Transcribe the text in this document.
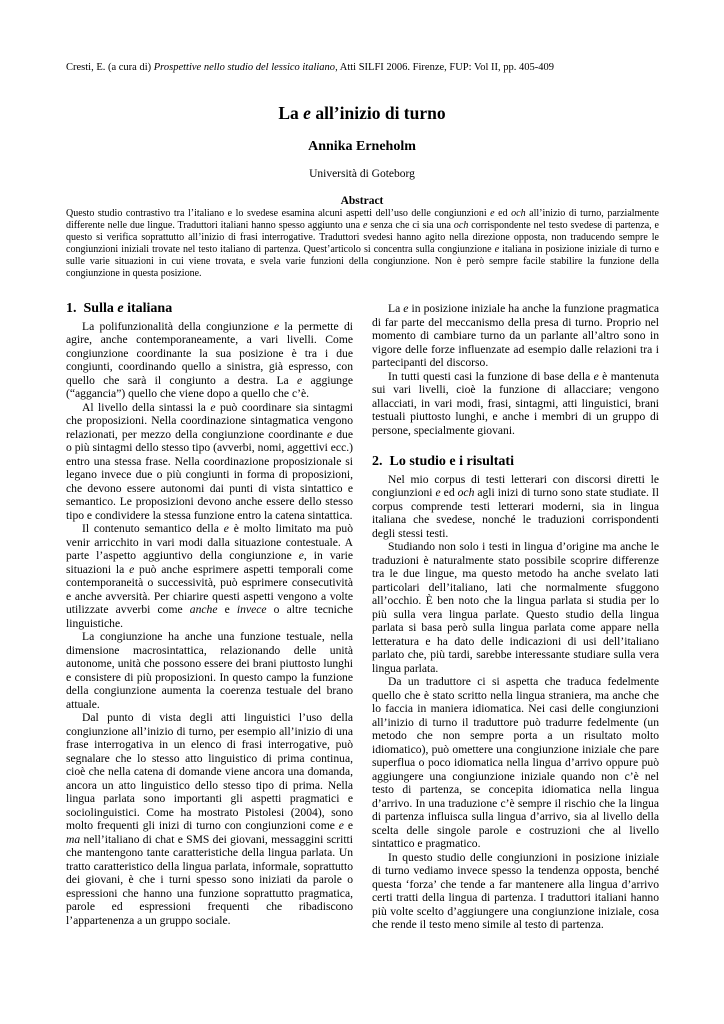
Cresti, E. (a cura di) Prospettive nello studio del lessico italiano, Atti SILFI 2006. Firenze, FUP: Vol II, pp. 405-409
La e all’inizio di turno
Annika Erneholm
Università di Goteborg
Abstract
Questo studio contrastivo tra l’italiano e lo svedese esamina alcuni aspetti dell’uso delle congiunzioni e ed och all’inizio di turno, parzialmente differente nelle due lingue. Traduttori italiani hanno spesso aggiunto una e senza che ci sia una och corrispondente nel testo svedese di partenza, e questo si verifica soprattutto all’inizio di frasi interrogative. Traduttori svedesi hanno agito nella direzione opposta, non traducendo sempre le congiunzioni iniziali trovate nel testo italiano di partenza. Quest’articolo si concentra sulla congiunzione e italiana in posizione iniziale di turno e sulle varie situazioni in cui viene trovata, e svela varie funzioni della congiunzione. Non è però sempre facile stabilire la funzione della congiunzione in questa posizione.
1. Sulla e italiana

La polifunzionalità della congiunzione e la permette di agire, anche contemporaneamente, a vari livelli. Come congiunzione coordinante la sua posizione è tra i due congiunti, coordinando quello a sinistra, già espresso, con quello che sarà il congiunto a destra. La e aggiunge (“aggancia”) quello che viene dopo a quello che c’è.

Al livello della sintassi la e può coordinare sia sintagmi che proposizioni. Nella coordinazione sintagmatica vengono relazionati, per mezzo della congiunzione coordinante e due o più sintagmi dello stesso tipo (avverbi, nomi, aggettivi ecc.) entro una stessa frase. Nella coordinazione proposizionale si legano invece due o più congiunti in forma di proposizioni, che devono essere autonomi dai punti di vista sintattico e semantico. Le proposizioni devono anche essere dello stesso tipo e condividere la stessa funzione entro la catena sintattica.

Il contenuto semantico della e è molto limitato ma può venir arricchito in vari modi dalla situazione contestuale. A parte l’aspetto aggiuntivo della congiunzione e, in varie situazioni la e può anche esprimere aspetti temporali come contemporaneità o successività, può esprimere consecutività e anche avversità. Per chiarire questi aspetti vengono a volte utilizzate avverbi come anche e invece o altre tecniche linguistiche.

La congiunzione ha anche una funzione testuale, nella dimensione macrosintattica, relazionando delle unità autonome, unità che possono essere dei brani piuttosto lunghi e consistere di più proposizioni. In questo campo la funzione della congiunzione aumenta la coerenza testuale del brano attuale.

Dal punto di vista degli atti linguistici l’uso della congiunzione all’inizio di turno, per esempio all’inizio di una frase interrogativa in un elenco di frasi interrogative, può segnalare che lo stesso atto linguistico di prima continua, cioè che nella catena di domande viene ancora una domanda, ancora un atto linguistico dello stesso tipo di prima. Nella lingua parlata sono importanti gli aspetti pragmatici e sociolinguistici. Come ha mostrato Pistolesi (2004), sono molto frequenti gli inizi di turno con congiunzioni come e e ma nell’italiano di chat e SMS dei giovani, messaggini scritti che mantengono tante caratteristiche della lingua parlata. Un tratto caratteristico della lingua parlata, informale, soprattutto dei giovani, è che i turni spesso sono iniziati da parole o espressioni che hanno una funzione soprattutto pragmatica, parole ed espressioni frequenti che ribadiscono l’appartenenza a un gruppo sociale.

La e in posizione iniziale ha anche la funzione pragmatica di far parte del meccanismo della presa di turno. Proprio nel momento di cambiare turno da un parlante all’altro sono in vigore delle forze influenzate ad esempio dalle relazioni tra i partecipanti del discorso.

In tutti questi casi la funzione di base della e è mantenuta sui vari livelli, cioè la funzione di allacciare; vengono allacciati, in vari modi, frasi, sintagmi, atti linguistici, brani testuali piuttosto lunghi, e anche i membri di un gruppo di persone, specialmente giovani.

2. Lo studio e i risultati

Nel mio corpus di testi letterari con discorsi diretti le congiunzioni e ed och agli inizi di turno sono state studiate. Il corpus comprende testi letterari moderni, sia in lingua italiana che svedese, nonché le traduzioni corrispondenti degli stessi testi.

Studiando non solo i testi in lingua d’origine ma anche le traduzioni è naturalmente stato possibile scoprire differenze tra le due lingue, ma questo metodo ha anche svelato lati particolari dell’italiano, lati che normalmente sfuggono all’occhio. È ben noto che la lingua parlata si studia per lo più sulla vera lingua parlate. Questo studio della lingua parlata si basa però sulla lingua parlata come appare nella letteratura e ha dato delle indicazioni di usi dell’italiano parlato che, più tardi, sarebbe interessante studiare sulla vera lingua parlata.

Da un traduttore ci si aspetta che traduca fedelmente quello che è stato scritto nella lingua straniera, ma anche che lo faccia in maniera idiomatica. Nei casi delle congiunzioni all’inizio di turno il traduttore può tradurre fedelmente (un metodo che non sempre porta a un risultato molto idiomatico), può omettere una congiunzione iniziale che pare superflua o poco idiomatica nella lingua d’arrivo oppure può aggiungere una congiunzione iniziale quando non c’è nel testo di partenza, se concepita idiomatica nella lingua d’arrivo. In una traduzione c’è sempre il rischio che la lingua di partenza influisca sulla lingua d’arrivo, sia al livello della scelta delle singole parole e costruzioni che al livello sintattico e pragmatico.

In questo studio delle congiunzioni in posizione iniziale di turno vediamo invece spesso la tendenza opposta, benché questa ‘forza’ che tende a far mantenere alla lingua d’arrivo certi tratti della lingua di partenza. I traduttori italiani hanno più volte scelto d’aggiungere una congiunzione iniziale, cosa che rende il testo meno simile al testo di partenza.
